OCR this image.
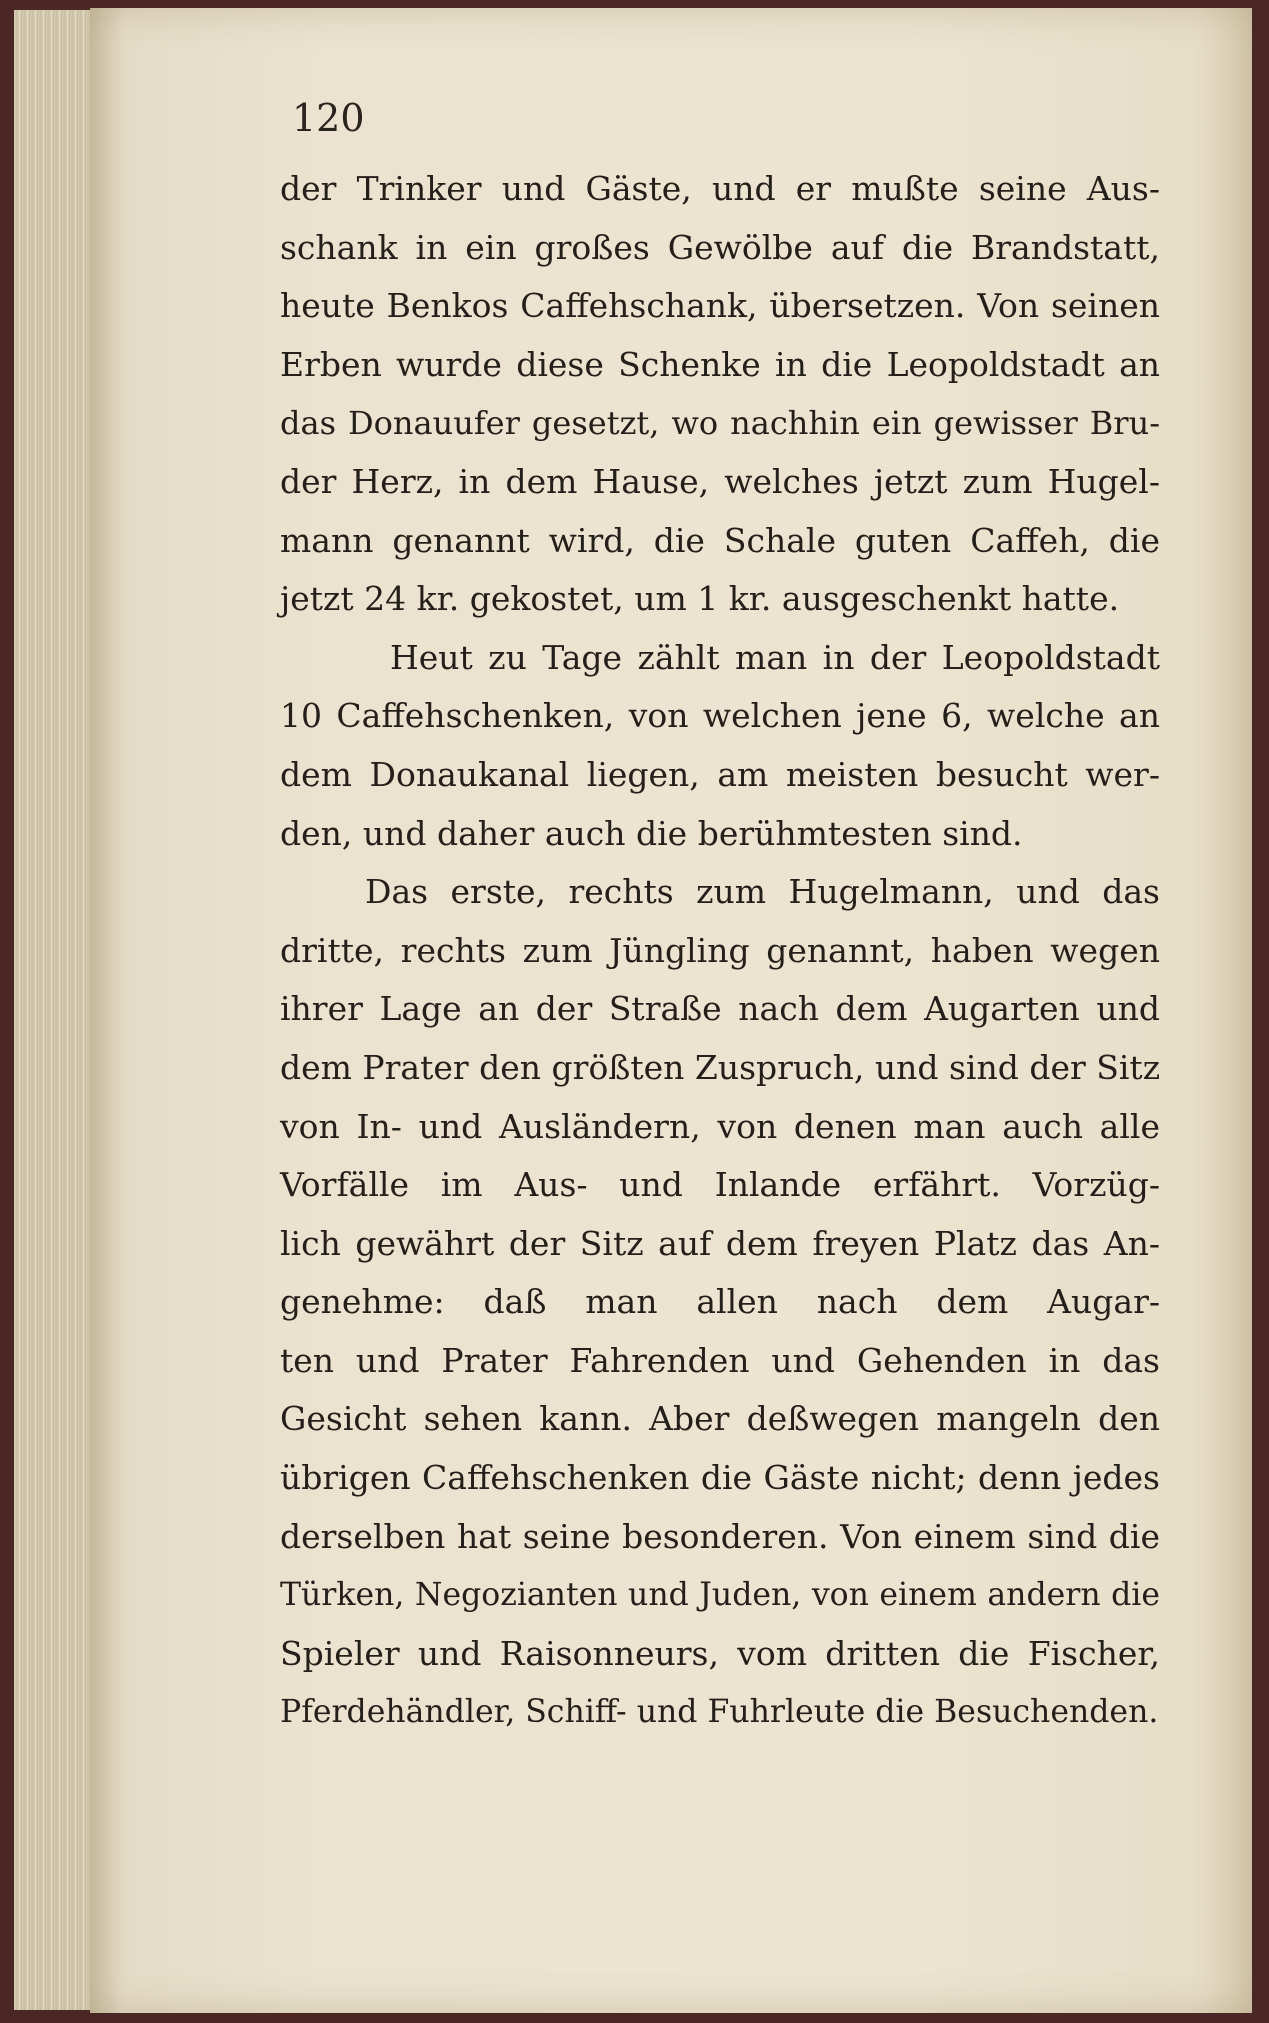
120
der Trinker und Gäste, und er mußte seine Aus-
schank in ein großes Gewölbe auf die Brandstatt,
heute Benkos Caffehschank, übersetzen. Von seinen
Erben wurde diese Schenke in die Leopoldstadt an
das Donauufer gesetzt, wo nachhin ein gewisser Bru-
der Herz, in dem Hause, welches jetzt zum Hugel-
mann genannt wird, die Schale guten Caffeh, die
jetzt 24 kr. gekostet, um 1 kr. ausgeschenkt hatte.
Heut zu Tage zählt man in der Leopoldstadt
10 Caffehschenken, von welchen jene 6, welche an
dem Donaukanal liegen, am meisten besucht wer-
den, und daher auch die berühmtesten sind.
Das erste, rechts zum Hugelmann, und das
dritte, rechts zum Jüngling genannt, haben wegen
ihrer Lage an der Straße nach dem Augarten und
dem Prater den größten Zuspruch, und sind der Sitz
von In- und Ausländern, von denen man auch alle
Vorfälle im Aus- und Inlande erfährt. Vorzüg-
lich gewährt der Sitz auf dem freyen Platz das An-
genehme: daß man allen nach dem Augar-
ten und Prater Fahrenden und Gehenden in das
Gesicht sehen kann. Aber deßwegen mangeln den
übrigen Caffehschenken die Gäste nicht; denn jedes
derselben hat seine besonderen. Von einem sind die
Türken, Negozianten und Juden, von einem andern die
Spieler und Raisonneurs, vom dritten die Fischer,
Pferdehändler, Schiff- und Fuhrleute die Besuchenden.
